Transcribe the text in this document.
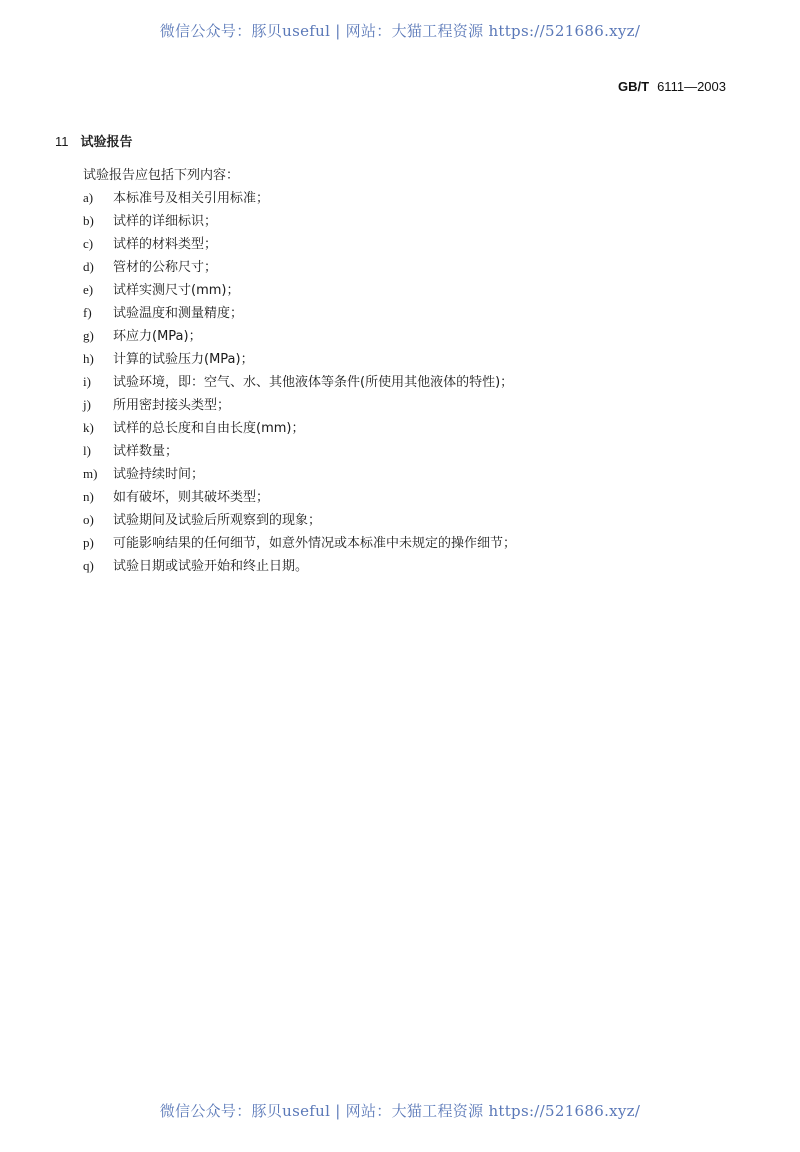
微信公众号：豚贝useful | 网站：大猫工程资源 https://521686.xyz/
GB/T 6111—2003
11 试验报告
试验报告应包括下列内容：
a) 本标准号及相关引用标准；
b) 试样的详细标识；
c) 试样的材料类型；
d) 管材的公称尺寸；
e) 试样实测尺寸(mm)；
f) 试验温度和测量精度；
g) 环应力(MPa)；
h) 计算的试验压力(MPa)；
i) 试验环境，即：空气、水、其他液体等条件(所使用其他液体的特性)；
j) 所用密封接头类型；
k) 试样的总长度和自由长度(mm)；
l) 试样数量；
m) 试验持续时间；
n) 如有破坏，则其破坏类型；
o) 试验期间及试验后所观察到的现象；
p) 可能影响结果的任何细节，如意外情况或本标准中未规定的操作细节；
q) 试验日期或试验开始和终止日期。
微信公众号：豚贝useful | 网站：大猫工程资源 https://521686.xyz/
